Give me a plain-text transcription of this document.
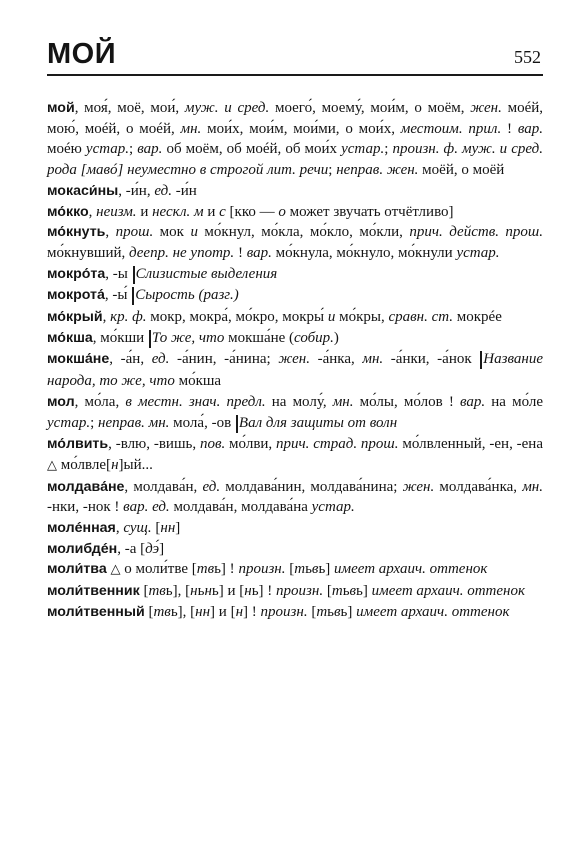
МОЙ	552
мой, моя́, моё, мои́, муж. и сред. моего́, моему́, мои́м, о моём, жен. моéй, мою́, моéй, о моéй, мн. мои́х, мои́м, мои́ми, о мои́х, местоим. прил. ! вар. моéю устар.; вар. об моём, об моéй, об мои́х устар.; произн. ф. муж. и сред. рода [мавó] неуместно в строгой лит. речи; неправ. жен. моёй, о моёй
мокаси́ны, -и́н, ед. -и́н
мо́кко, неизм. и нескл. м и с [кко — о может звучать отчётливо]
мо́кнуть, прош. мок и мо́кнул, мо́кла, мо́кло, мо́кли, прич. действ. прош. мо́кнувший, деепр. не употр. ! вар. мо́кнула, мо́кнуло, мо́кнули устар.
мокро́та, -ы Слизистые выделения
мокрота́, -ы́ Сырость (разг.)
мо́крый, кр. ф. мокр, мокра́, мо́кро, мокры́ и мо́кры, сравн. ст. мокрée
мо́кша, мо́кши То же, что мокша́не (собир.)
мокша́не, -а́н, ед. -а́нин, -а́нина; жен. -а́нка, мн. -а́нки, -а́нок Название народа, то же, что мо́кша
мол, мо́ла, в местн. знач. предл. на молу́, мн. мо́лы, мо́лов ! вар. на мо́ле устар.; неправ. мн. мола́, -ов Вал для защиты от волн
мо́лвить, -влю, -вишь, пов. мо́лви, прич. страд. прош. мо́лвленный, -ен, -ена △ мо́лвле[н]ый...
молдава́не, молдава́н, ед. молдава́нин, молдава́нина; жен. молдава́нка, мн. -нки, -нок ! вар. ед. молдава́н, молдава́на устар.
молéнная, сущ. [нн]
молибдéн, -а [дэ́]
моли́тва △ о моли́тве [твь] ! произн. [тьвь] имеет архаич. оттенок
моли́твенник [твь], [ньнь] и [нь] ! произн. [тьвь] имеет архаич. оттенок
моли́твенный [твь], [нн] и [н] ! произн. [тьвь] имеет архаич. оттенок
